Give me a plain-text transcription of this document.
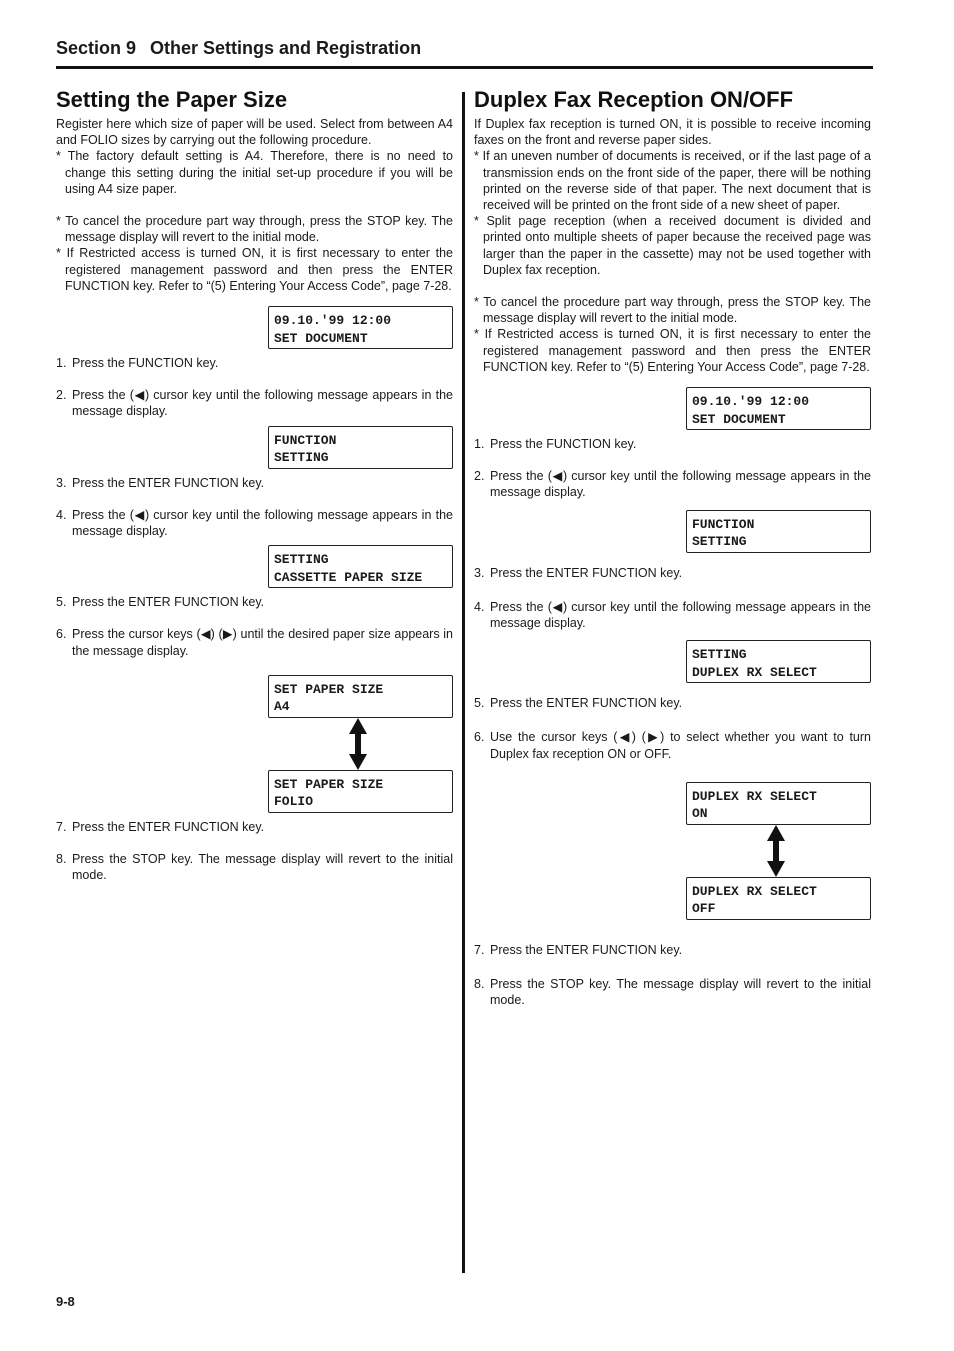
Section 9 Other Settings and Registration
Setting the Paper Size

Register here which size of paper will be used. Select from between A4 and FOLIO sizes by carrying out the following procedure.

* The factory default setting is A4. Therefore, there is no need to change this setting during the initial set-up procedure if you will be using A4 size paper.

* To cancel the procedure part way through, press the STOP key. The message display will revert to the initial mode.

* If Restricted access is turned ON, it is first necessary to enter the registered management password and then press the ENTER FUNCTION key. Refer to “(5) Entering Your Access Code”, page 7-28.

09.10.'99 12:00
SET DOCUMENT
1. Press the FUNCTION key.
2. Press the (◀) cursor key until the following message appears in the message display.
FUNCTION
SETTING
3. Press the ENTER FUNCTION key.
4. Press the (◀) cursor key until the following message appears in the message display.
SETTING
CASSETTE PAPER SIZE
5. Press the ENTER FUNCTION key.
6. Press the cursor keys (◀) (▶) until the desired paper size appears in the message display.
SET PAPER SIZE
A4
SET PAPER SIZE
FOLIO
7. Press the ENTER FUNCTION key.
8. Press the STOP key. The message display will revert to the initial mode.
Duplex Fax Reception ON/OFF

If Duplex fax reception is turned ON, it is possible to receive incoming faxes on the front and reverse paper sides.

* If an uneven number of documents is received, or if the last page of a transmission ends on the front side of the paper, there will be nothing printed on the reverse side of that paper. The next document that is received will be printed on the front side of a new sheet of paper.

* Split page reception (when a received document is divided and printed onto multiple sheets of paper because the received page was larger than the paper in the cassette) may not be used together with Duplex fax reception.

* To cancel the procedure part way through, press the STOP key. The message display will revert to the initial mode.

* If Restricted access is turned ON, it is first necessary to enter the registered management password and then press the ENTER FUNCTION key. Refer to “(5) Entering Your Access Code”, page 7-28.

09.10.'99 12:00
SET DOCUMENT
1. Press the FUNCTION key.
2. Press the (◀) cursor key until the following message appears in the message display.
FUNCTION
SETTING
3. Press the ENTER FUNCTION key.
4. Press the (◀) cursor key until the following message appears in the message display.
SETTING
DUPLEX RX SELECT
5. Press the ENTER FUNCTION key.
6. Use the cursor keys (◀) (▶) to select whether you want to turn Duplex fax reception ON or OFF.
DUPLEX RX SELECT
ON
DUPLEX RX SELECT
OFF
7. Press the ENTER FUNCTION key.
8. Press the STOP key. The message display will revert to the initial mode.
9-8
